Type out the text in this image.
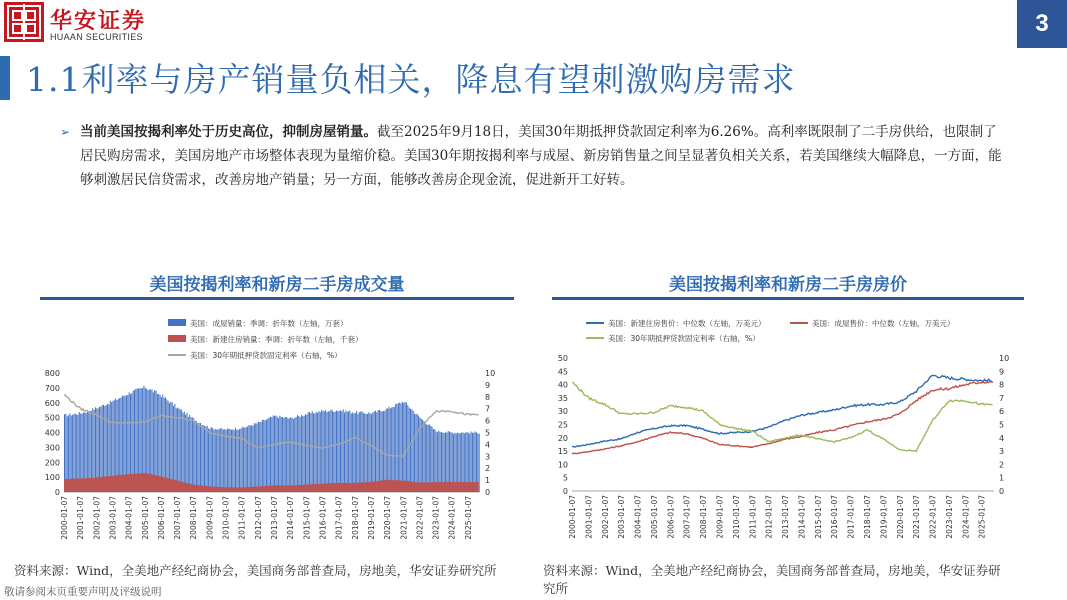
华安证券
HUAAN SECURITIES	3
1.1利率与房产销量负相关，降息有望刺激购房需求
➢ 当前美国按揭利率处于历史高位，抑制房屋销量。截至2025年9月18日，美国30年期抵押贷款固定利率为6.26%。高利率既限制了二手房供给，也限制了居民购房需求，美国房地产市场整体表现为量缩价稳。美国30年期按揭利率与成屋、新房销售量之间呈显著负相关关系，若美国继续大幅降息，一方面，能够刺激居民信贷需求，改善房地产销量；另一方面，能够改善房企现金流，促进新开工好转。
美国按揭利率和新房二手房成交量
美国：成屋销量：季调：折年数（左轴，万套）
美国：新建住房销量：季调：折年数（左轴，千套）
美国：30年期抵押贷款固定利率（右轴，%）
0
100
200
300
400
500
600
700
800
0
1
2
3
4
5
6
7
8
9
10
2000-01-07 2001-01-07 2002-01-07 2003-01-07 2004-01-07 2005-01-07 2006-01-07 2007-01-07 2008-01-07 2009-01-07 2010-01-07 2011-01-07 2012-01-07 2013-01-07 2014-01-07 2015-01-07 2016-01-07 2017-01-07 2018-01-07 2019-01-07 2020-01-07 2021-01-07 2022-01-07 2023-01-07 2024-01-07 2025-01-07
美国按揭利率和新房二手房房价
美国：新建住房售价：中位数（左轴，万美元）	美国：成屋售价：中位数（左轴，万美元）
美国：30年期抵押贷款固定利率（右轴，%）
0
5
10
15
20
25
30
35
40
45
50
0
1
2
3
4
5
6
7
8
9
10
2000-01-07 2001-01-07 2002-01-07 2003-01-07 2004-01-07 2005-01-07 2006-01-07 2007-01-07 2008-01-07 2009-01-07 2010-01-07 2011-01-07 2012-01-07 2013-01-07 2014-01-07 2015-01-07 2016-01-07 2017-01-07 2018-01-07 2019-01-07 2020-01-07 2021-01-07 2022-01-07 2023-01-07 2024-01-07 2025-01-07
资料来源：Wind，全美地产经纪商协会，美国商务部普查局，房地美，华安证券研究所	资料来源：Wind，全美地产经纪商协会，美国商务部普查局，房地美，华安证券研究所
敬请参阅末页重要声明及评级说明
